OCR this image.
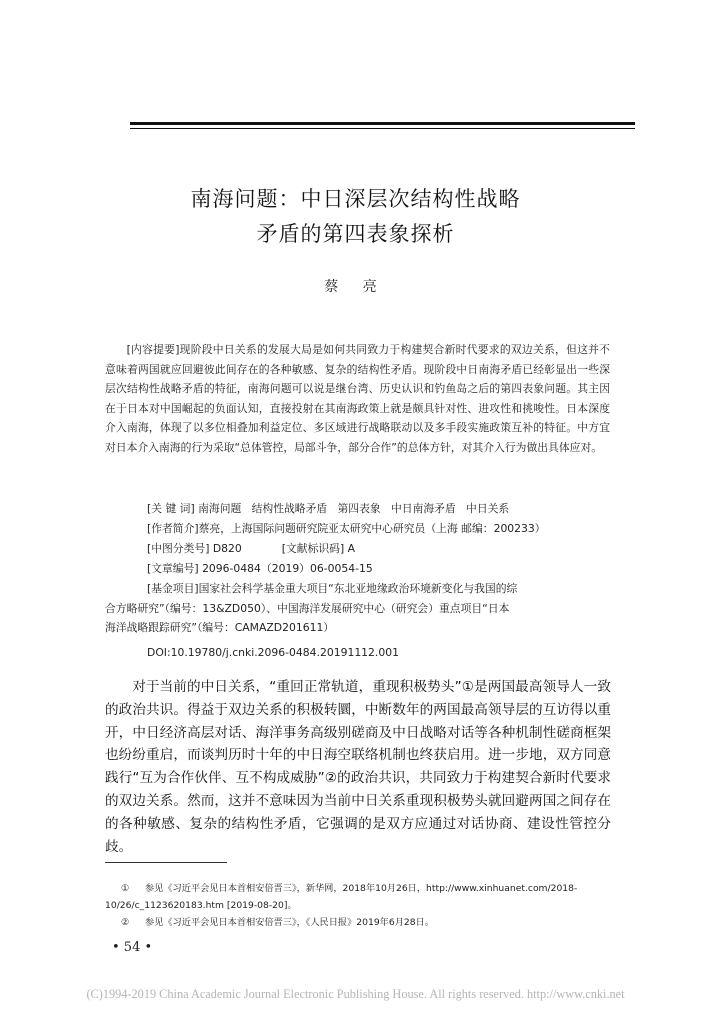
南海问题：中日深层次结构性战略
矛盾的第四表象探析
蔡 亮

[内容提要]现阶段中日关系的发展大局是如何共同致力于构建契合新时代要求的双边关系，但这并不意味着两国就应回避彼此间存在的各种敏感、复杂的结构性矛盾。现阶段中日南海矛盾已经彰显出一些深层次结构性战略矛盾的特征，南海问题可以说是继台湾、历史认识和钓鱼岛之后的第四表象问题。其主因在于日本对中国崛起的负面认知，直接投射在其南海政策上就是颇具针对性、进攻性和挑唆性。日本深度介入南海，体现了以多位相叠加利益定位、多区域进行战略联动以及多手段实施政策互补的特征。中方宜对日本介入南海的行为采取“总体管控，局部斗争，部分合作”的总体方针，对其介入行为做出具体应对。

[关 键 词] 南海问题 结构性战略矛盾 第四表象 中日南海矛盾 中日关系
[作者简介]蔡亮，上海国际问题研究院亚太研究中心研究员（上海 邮编：200233）
[中图分类号] D820	[文献标识码] A
[文章编号] 2096-0484（2019）06-0054-15
[基金项目]国家社会科学基金重大项目“东北亚地缘政治环境新变化与我国的综
合方略研究”（编号：13&ZD050）、中国海洋发展研究中心（研究会）重点项目“日本
海洋战略跟踪研究”（编号：CAMAZD201611）
DOI:10.19780/j.cnki.2096-0484.20191112.001

对于当前的中日关系，“重回正常轨道，重现积极势头”①是两国最高领导人一致的政治共识。得益于双边关系的积极转圜，中断数年的两国最高领导层的互访得以重开，中日经济高层对话、海洋事务高级别磋商及中日战略对话等各种机制性磋商框架也纷纷重启，而谈判历时十年的中日海空联络机制也终获启用。进一步地，双方同意践行“互为合作伙伴、互不构成威胁”②的政治共识，共同致力于构建契合新时代要求的双边关系。然而，这并不意味因为当前中日关系重现积极势头就回避两国之间存在的各种敏感、复杂的结构性矛盾，它强调的是双方应通过对话协商、建设性管控分歧。

① 参见《习近平会见日本首相安倍晋三》，新华网，2018年10月26日，http://www.xinhuanet.com/2018-10/26/c_1123620183.htm [2019-08-20]。

② 参见《习近平会见日本首相安倍晋三》，《人民日报》2019年6月28日。

• 54 •
(C)1994-2019 China Academic Journal Electronic Publishing House. All rights reserved. http://www.cnki.net
